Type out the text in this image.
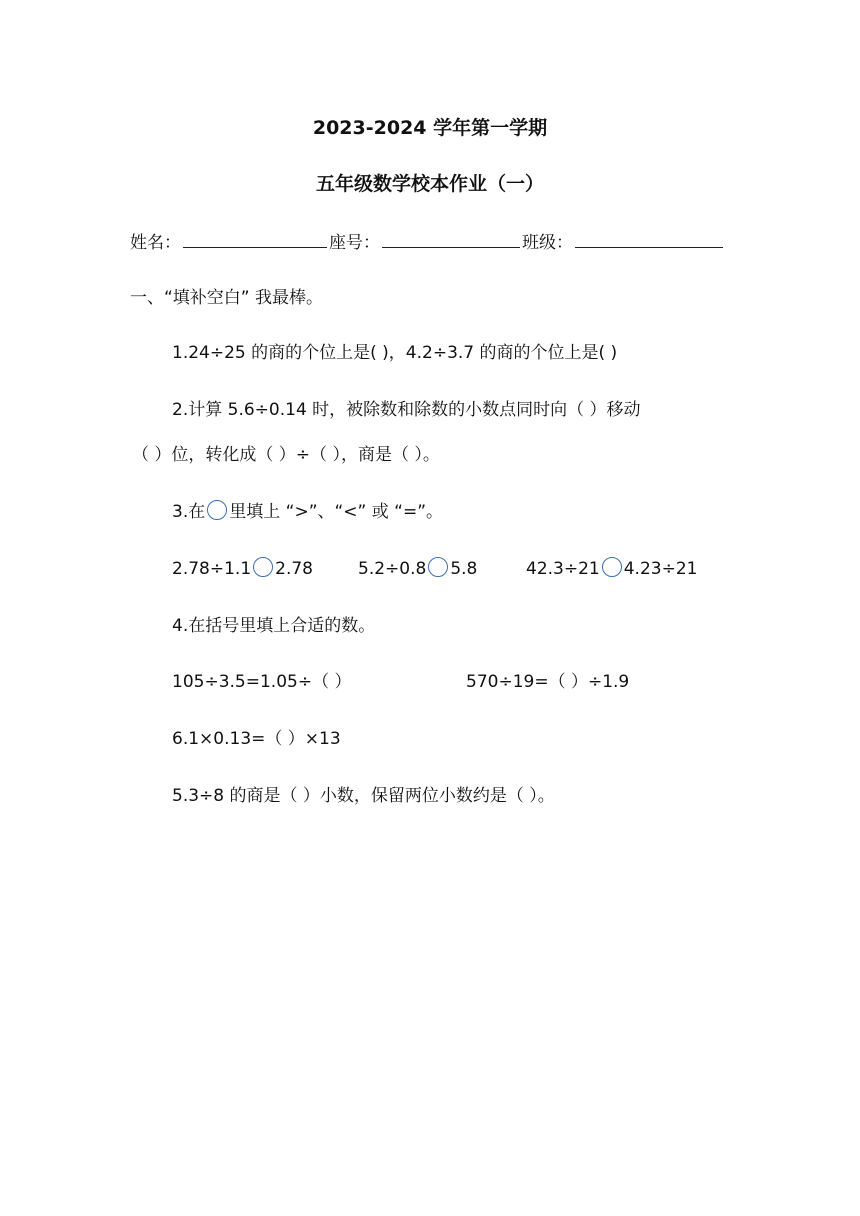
2023-2024 学年第一学期
五年级数学校本作业（一）
姓名：	座号：	班级：
一、“填补空白” 我最棒。
1.24÷25 的商的个位上是( )，4.2÷3.7 的商的个位上是( )
2.计算 5.6÷0.14 时，被除数和除数的小数点同时向（ ）移动
（ ）位，转化成（ ）÷（ ），商是（ ）。
3.在 里填上 “>”、“<” 或 “=”。
2.78÷1.1 2.78	5.2÷0.8 5.8	42.3÷21 4.23÷21
4.在括号里填上合适的数。
105÷3.5=1.05÷（ ）	570÷19=（ ）÷1.9
6.1×0.13=（ ）×13
5.3÷8 的商是（ ）小数，保留两位小数约是（ ）。
